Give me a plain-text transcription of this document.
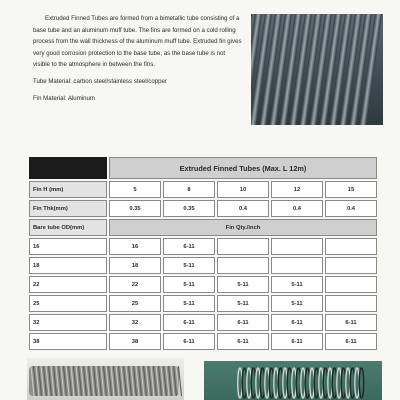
Extruded Finned Tubes are formed from a bimetallic tube consisting of a base tube and an aluminum muff tube. The fins are formed on a cold rolling process from the wall thickness of the aluminum muff tube. Extruded fin gives very good corrosion protection to the base tube, as the base tube is not visible to the atmosphere in between the fins.

Tube Material: carbon steel/stainless steel/copper
Fin Material: Aluminum
	Extruded Finned Tubes (Max. L 12m)				
Fin H (mm)	5	8	10	12	15
Fin Thk(mm)	0.35	0.35	0.4	0.4	0.4
Bare tube OD(mm)	Fin Qty./inch				
16	16	6-11			
18	18	5-11			
22	22	5-11	5-11	5-11	
25	25	5-11	5-11	5-11	
32	32	6-11	6-11	6-11	6-11
38	38	6-11	6-11	6-11	6-11
